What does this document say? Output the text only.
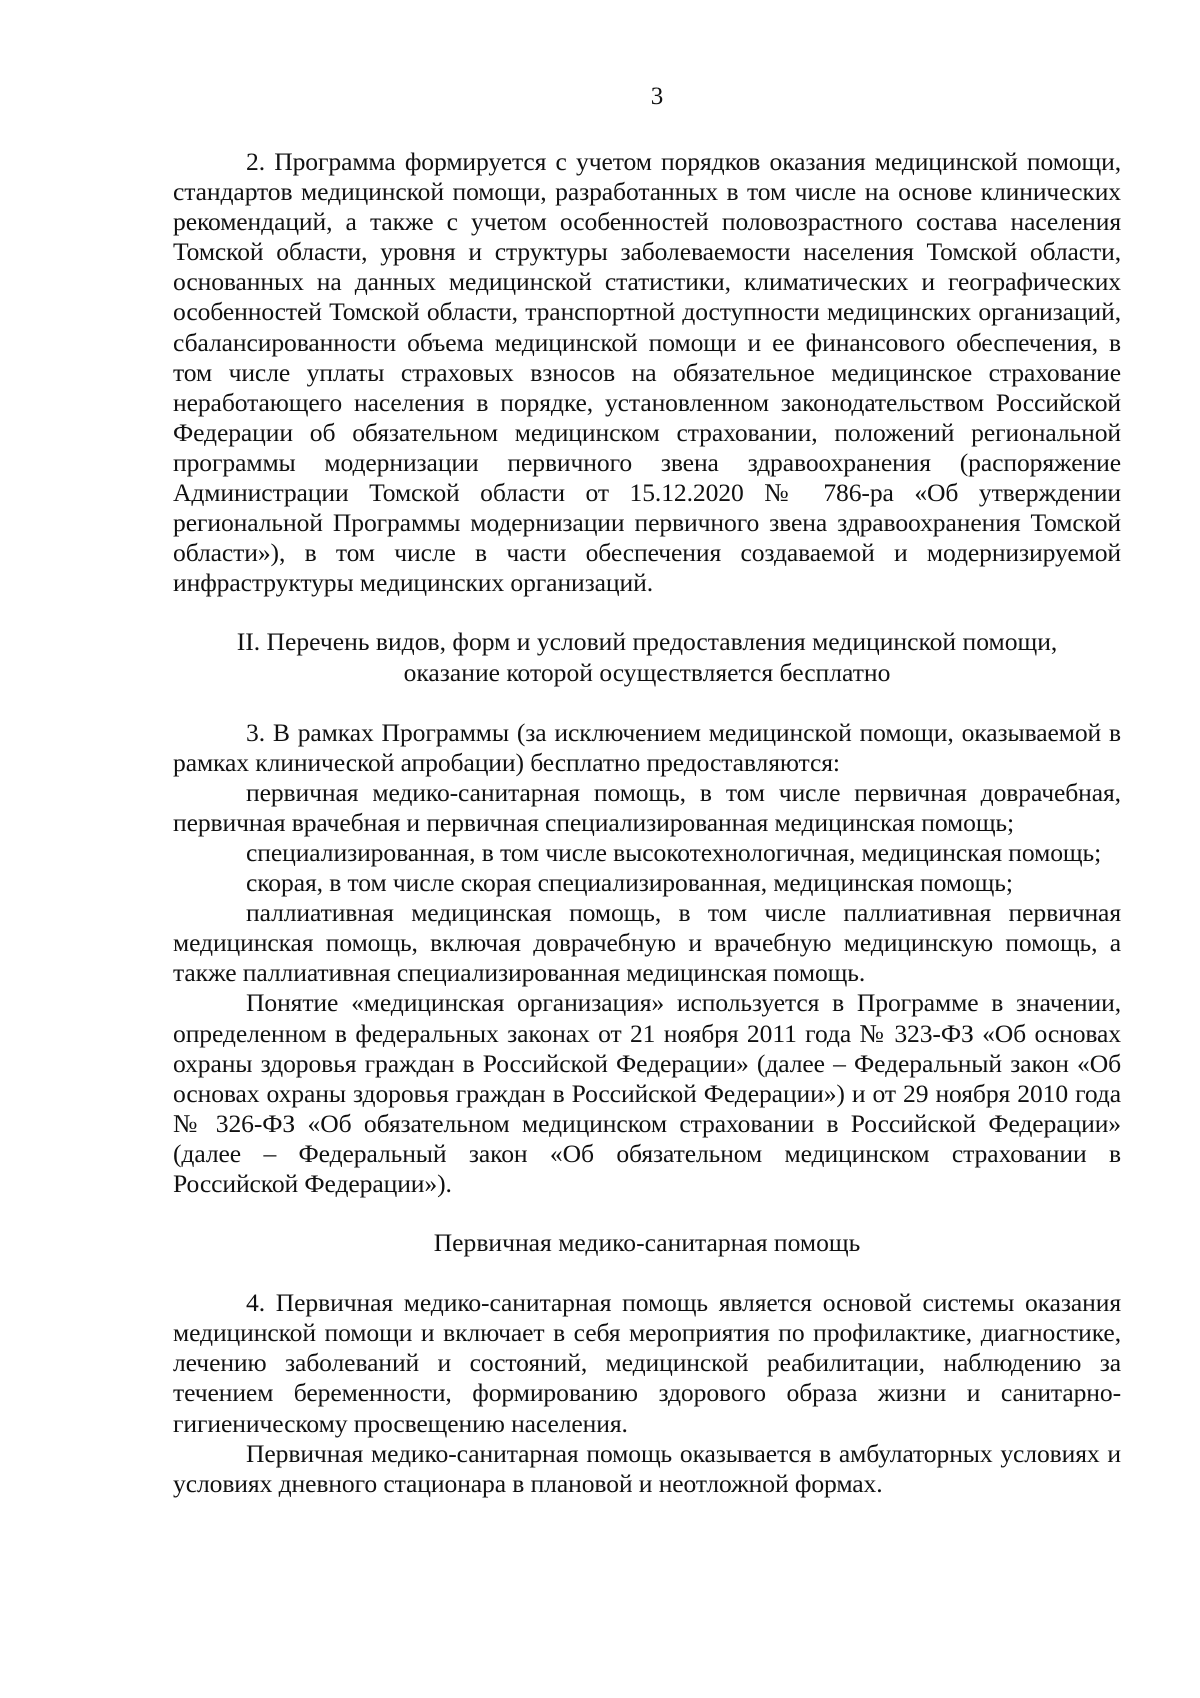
3

2. Программа формируется с учетом порядков оказания медицинской помощи, стандартов медицинской помощи, разработанных в том числе на основе клинических рекомендаций, а также с учетом особенностей половозрастного состава населения Томской области, уровня и структуры заболеваемости населения Томской области, основанных на данных медицинской статистики, климатических и географических особенностей Томской области, транспортной доступности медицинских организаций, сбалансированности объема медицинской помощи и ее финансового обеспечения, в том числе уплаты страховых взносов на обязательное медицинское страхование неработающего населения в порядке, установленном законодательством Российской Федерации об обязательном медицинском страховании, положений региональной программы модернизации первичного звена здравоохранения (распоряжение Администрации Томской области от 15.12.2020 № 786-ра «Об утверждении региональной Программы модернизации первичного звена здравоохранения Томской области»), в том числе в части обеспечения создаваемой и модернизируемой инфраструктуры медицинских организаций.

II. Перечень видов, форм и условий предоставления медицинской помощи,
оказание которой осуществляется бесплатно

3. В рамках Программы (за исключением медицинской помощи, оказываемой в рамках клинической апробации) бесплатно предоставляются:

первичная медико-санитарная помощь, в том числе первичная доврачебная, первичная врачебная и первичная специализированная медицинская помощь;

специализированная, в том числе высокотехнологичная, медицинская помощь;

скорая, в том числе скорая специализированная, медицинская помощь;

паллиативная медицинская помощь, в том числе паллиативная первичная медицинская помощь, включая доврачебную и врачебную медицинскую помощь, а также паллиативная специализированная медицинская помощь.

Понятие «медицинская организация» используется в Программе в значении, определенном в федеральных законах от 21 ноября 2011 года № 323-ФЗ «Об основах охраны здоровья граждан в Российской Федерации» (далее – Федеральный закон «Об основах охраны здоровья граждан в Российской Федерации») и от 29 ноября 2010 года № 326-ФЗ «Об обязательном медицинском страховании в Российской Федерации» (далее – Федеральный закон «Об обязательном медицинском страховании в Российской Федерации»).

Первичная медико-санитарная помощь

4. Первичная медико-санитарная помощь является основой системы оказания медицинской помощи и включает в себя мероприятия по профилактике, диагностике, лечению заболеваний и состояний, медицинской реабилитации, наблюдению за течением беременности, формированию здорового образа жизни и санитарно-гигиеническому просвещению населения.

Первичная медико-санитарная помощь оказывается в амбулаторных условиях и условиях дневного стационара в плановой и неотложной формах.
